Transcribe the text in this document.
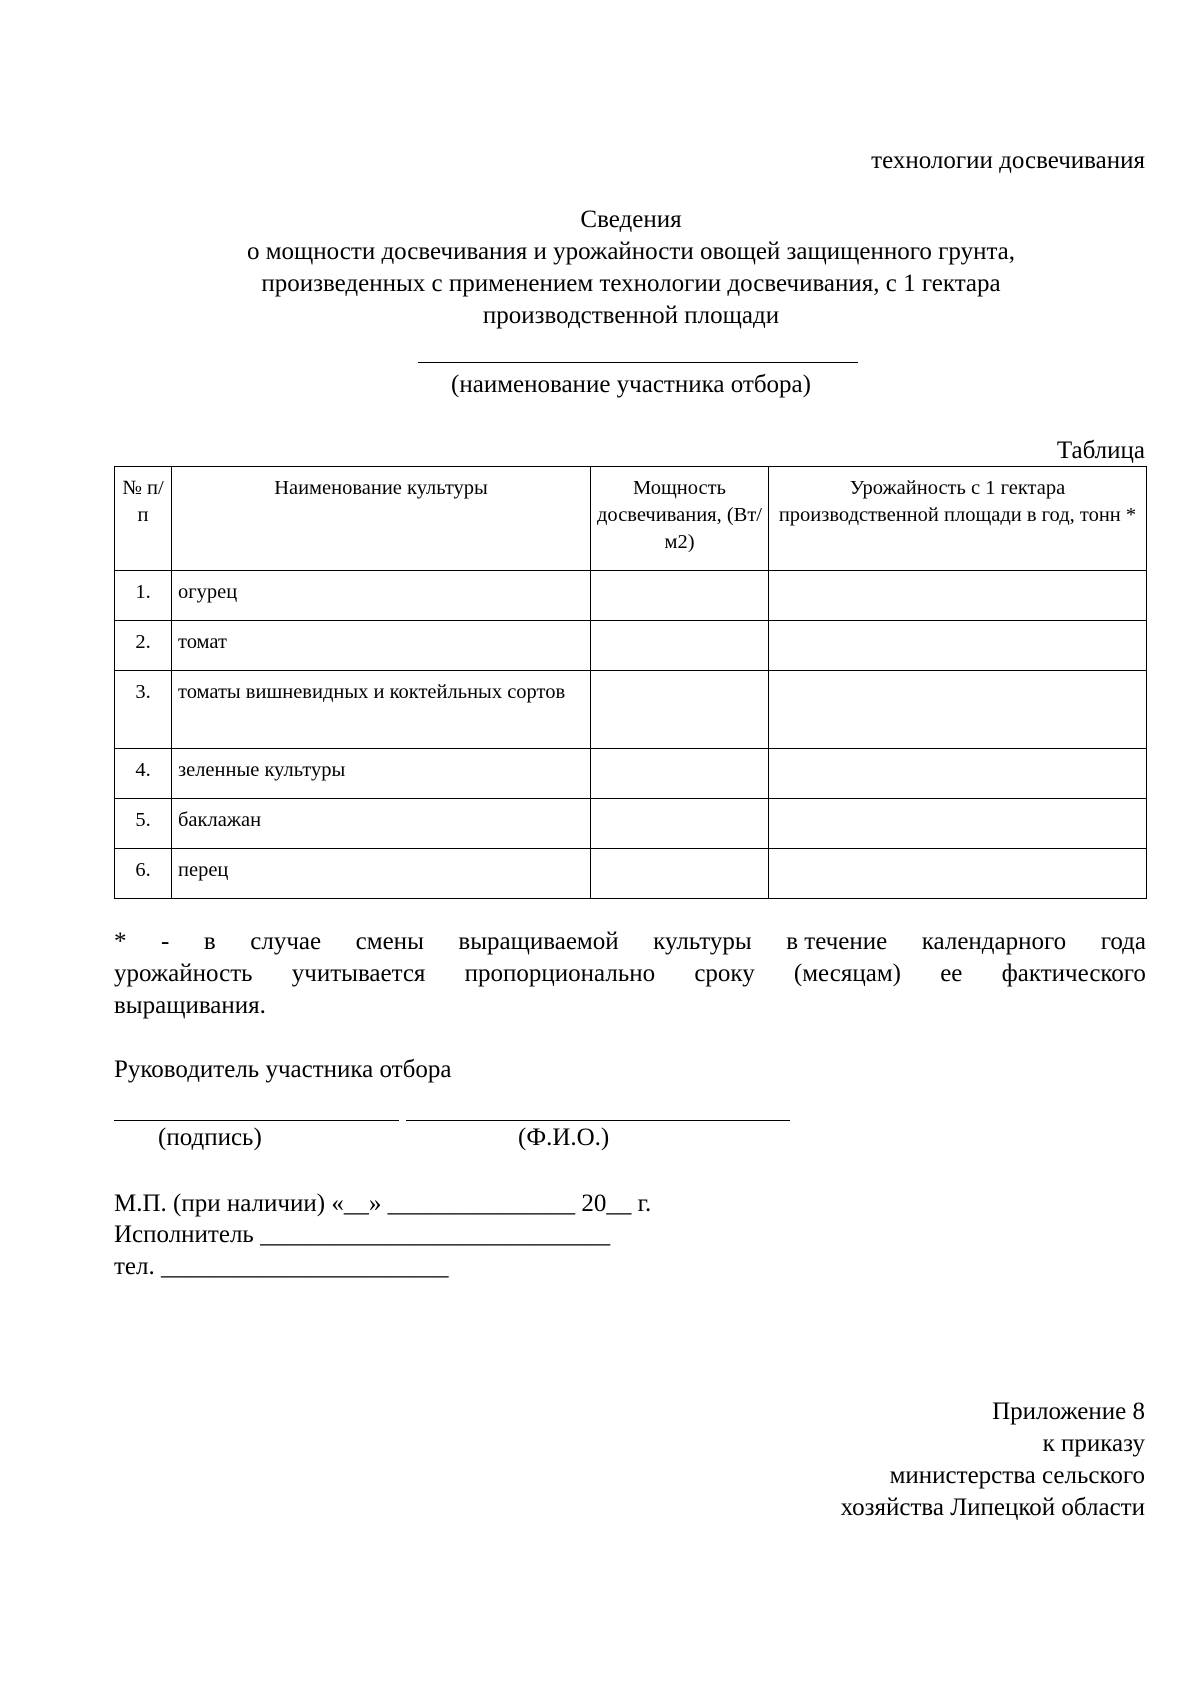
технологии досвечивания
Сведения
о мощности досвечивания и урожайности овощей защищенного грунта,
произведенных с применением технологии досвечивания, с 1 гектара
производственной площади
(наименование участника отбора)
Таблица
№ п/п	Наименование культуры	Мощность досвечивания, (Вт/м2)	Урожайность с 1 гектара производственной площади в год, тонн *
1.	огурец		
2.	томат		
3.	томаты вишневидных и коктейльных сортов		
4.	зеленные культуры		
5.	баклажан		
6.	перец		
* - в случае смены выращиваемой культуры в течение календарного года
урожайность учитывается пропорционально сроку (месяцам) ее фактического
выращивания.
Руководитель участника отбора
(подпись)	(Ф.И.О.)
М.П. (при наличии) «__» _______________ 20__ г.
Исполнитель ____________________________
тел. _______________________
Приложение 8
к приказу
министерства сельского
хозяйства Липецкой области
